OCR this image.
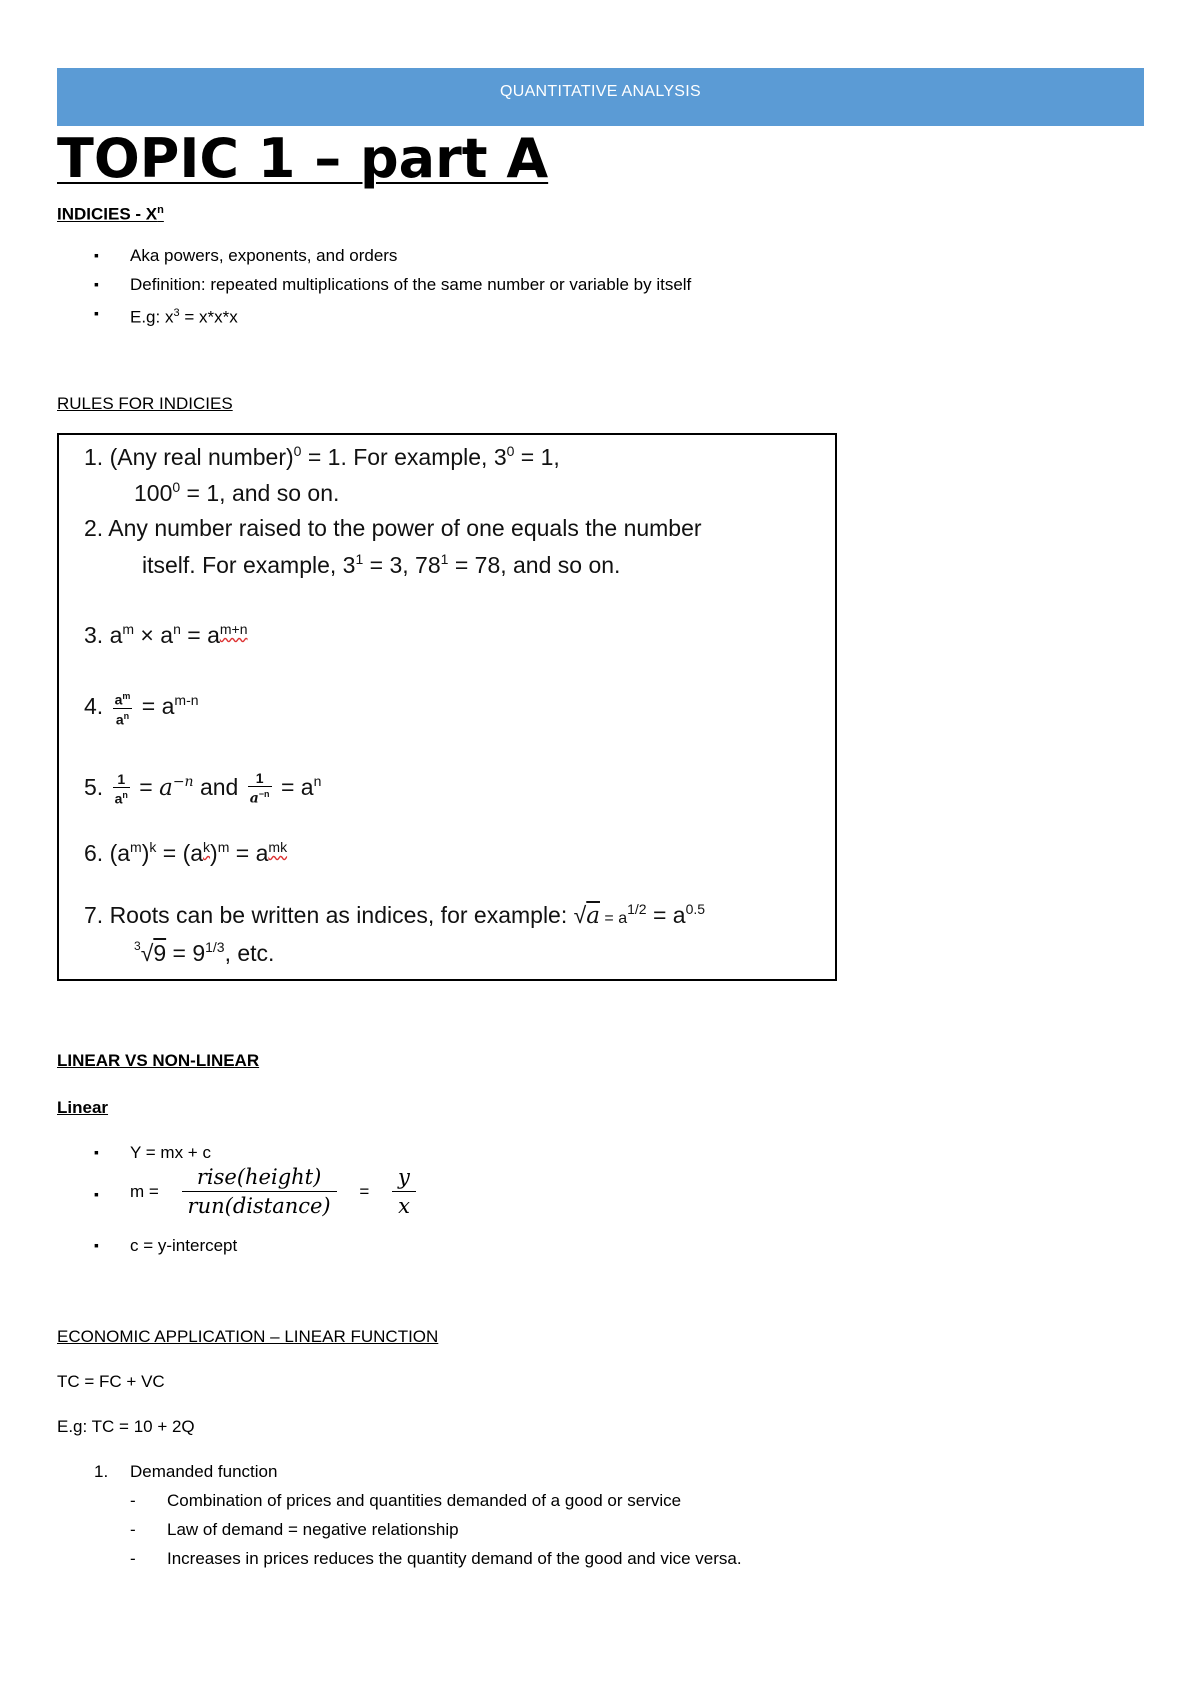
QUANTITATIVE ANALYSIS
TOPIC 1 – part A
INDICIES - $X^n$
▪ Aka powers, exponents, and orders
▪ Definition: repeated multiplications of the same number or variable by itself
▪ E.g: $x^3 = x*x*x$
RULES FOR INDICIES
1. (Any real number)$^0$ = 1. For example, $3^0 = 1$,
$100^0 = 1$, and so on.
2. Any number raised to the power of one equals the number
itself. For example, $3^1 = 3$, $78^1 = 78$, and so on.
3. $a^m \times a^n = a^{m+n}$
4. $\frac{a^m}{a^n} = a^{m-n}$
5. $\frac{1}{a^n} = a^{-n}$ and $\frac{1}{a^{-n}} = a^n$
6. $(a^m)^k = (a^k)^m = a^{mk}$
7. Roots can be written as indices, for example: $√a = a^{1/2} = a^{0.5}$
$^3√9 = 9^{1/3}$, etc.
LINEAR VS NON-LINEAR
Linear
▪ Y = mx + c
▪ $m = \frac{\text{rise(height)}}{\text{run(distance)}} = \frac{y}{x}$
▪ c = y-intercept
ECONOMIC APPLICATION – LINEAR FUNCTION
TC = FC + VC
E.g: TC = 10 + 2Q
1. Demanded function
- Combination of prices and quantities demanded of a good or service
- Law of demand = negative relationship
- Increases in prices reduces the quantity demand of the good and vice versa.
